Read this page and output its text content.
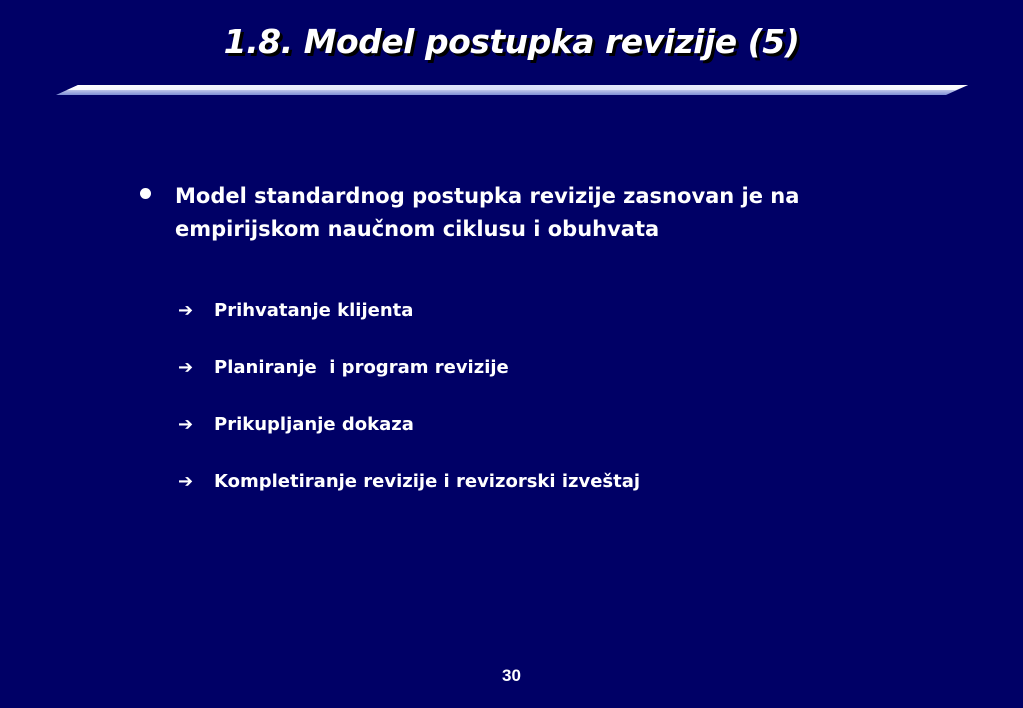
1.8. Model postupka revizije (5)
Model standardnog postupka revizije zasnovan je na empirijskom naučnom ciklusu i obuhvata
➔	Prihvatanje klijenta
➔	Planiranje  i program revizije
➔	Prikupljanje dokaza
➔	Kompletiranje revizije i revizorski izveštaj
30
